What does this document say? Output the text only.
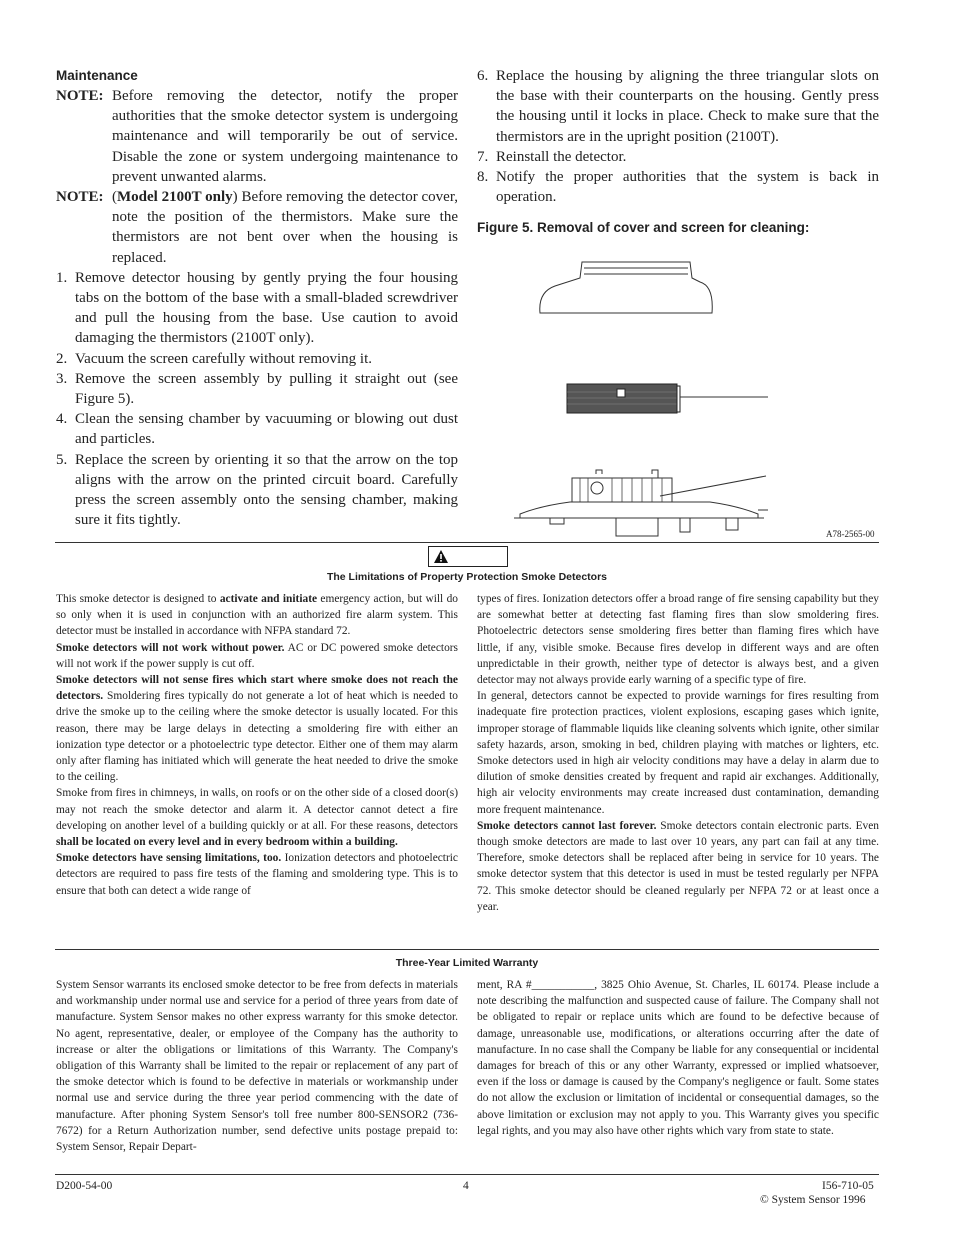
Maintenance
NOTE: Before removing the detector, notify the proper authorities that the smoke detector system is undergoing maintenance and will temporarily be out of service. Disable the zone or system undergoing maintenance to prevent unwanted alarms.
NOTE: (Model 2100T only) Before removing the detector cover, note the position of the thermistors. Make sure the thermistors are not bent over when the housing is replaced.
1. Remove detector housing by gently prying the four housing tabs on the bottom of the base with a small-bladed screwdriver and pull the housing from the base. Use caution to avoid damaging the thermistors (2100T only).
2. Vacuum the screen carefully without removing it.
3. Remove the screen assembly by pulling it straight out (see Figure 5).
4. Clean the sensing chamber by vacuuming or blowing out dust and particles.
5. Replace the screen by orienting it so that the arrow on the top aligns with the arrow on the printed circuit board. Carefully press the screen assembly onto the sensing chamber, making sure it fits tightly.
6. Replace the housing by aligning the three triangular slots on the base with their counterparts on the housing. Gently press the housing until it locks in place. Check to make sure that the thermistors are in the upright position (2100T).
7. Reinstall the detector.
8. Notify the proper authorities that the system is back in operation.
Figure 5. Removal of cover and screen for cleaning:
A78-2565-00
The Limitations of Property Protection Smoke Detectors

This smoke detector is designed to activate and initiate emergency action, but will do so only when it is used in conjunction with an authorized fire alarm system. This detector must be installed in accordance with NFPA standard 72.

Smoke detectors will not work without power. AC or DC powered smoke detectors will not work if the power supply is cut off.

Smoke detectors will not sense fires which start where smoke does not reach the detectors. Smoldering fires typically do not generate a lot of heat which is needed to drive the smoke up to the ceiling where the smoke detector is usually located. For this reason, there may be large delays in detecting a smoldering fire with either an ionization type detector or a photoelectric type detector. Either one of them may alarm only after flaming has initiated which will generate the heat needed to drive the smoke to the ceiling.

Smoke from fires in chimneys, in walls, on roofs or on the other side of a closed door(s) may not reach the smoke detector and alarm it. A detector cannot detect a fire developing on another level of a building quickly or at all. For these reasons, detectors shall be located on every level and in every bedroom within a building.

Smoke detectors have sensing limitations, too. Ionization detectors and photoelectric detectors are required to pass fire tests of the flaming and smoldering type. This is to ensure that both can detect a wide range of

types of fires. Ionization detectors offer a broad range of fire sensing capability but they are somewhat better at detecting fast flaming fires than slow smoldering fires. Photoelectric detectors sense smoldering fires better than flaming fires which have little, if any, visible smoke. Because fires develop in different ways and are often unpredictable in their growth, neither type of detector is always best, and a given detector may not always provide early warning of a specific type of fire.

In general, detectors cannot be expected to provide warnings for fires resulting from inadequate fire protection practices, violent explosions, escaping gases which ignite, improper storage of flammable liquids like cleaning solvents which ignite, other similar safety hazards, arson, smoking in bed, children playing with matches or lighters, etc. Smoke detectors used in high air velocity conditions may have a delay in alarm due to dilution of smoke densities created by frequent and rapid air exchanges. Additionally, high air velocity environments may create increased dust contamination, demanding more frequent maintenance.

Smoke detectors cannot last forever. Smoke detectors contain electronic parts. Even though smoke detectors are made to last over 10 years, any part can fail at any time. Therefore, smoke detectors shall be replaced after being in service for 10 years. The smoke detector system that this detector is used in must be tested regularly per NFPA 72. This smoke detector should be cleaned regularly per NFPA 72 or at least once a year.

Three-Year Limited Warranty
System Sensor warrants its enclosed smoke detector to be free from defects in materials and workmanship under normal use and service for a period of three years from date of manufacture. System Sensor makes no other express warranty for this smoke detector. No agent, representative, dealer, or employee of the Company has the authority to increase or alter the obligations or limitations of this Warranty. The Company's obligation of this Warranty shall be limited to the repair or replacement of any part of the smoke detector which is found to be defective in materials or workmanship under normal use and service during the three year period commencing with the date of manufacture. After phoning System Sensor's toll free number 800-SENSOR2 (736-7672) for a Return Authorization number, send defective units postage prepaid to: System Sensor, Repair Depart-
ment, RA #___________, 3825 Ohio Avenue, St. Charles, IL 60174. Please include a note describing the malfunction and suspected cause of failure. The Company shall not be obligated to repair or replace units which are found to be defective because of damage, unreasonable use, modifications, or alterations occurring after the date of manufacture. In no case shall the Company be liable for any consequential or incidental damages for breach of this or any other Warranty, expressed or implied whatsoever, even if the loss or damage is caused by the Company's negligence or fault. Some states do not allow the exclusion or limitation of incidental or consequential damages, so the above limitation or exclusion may not apply to you. This Warranty gives you specific legal rights, and you may also have other rights which vary from state to state.
D200-54-00	4	I56-710-05
© System Sensor 1996
